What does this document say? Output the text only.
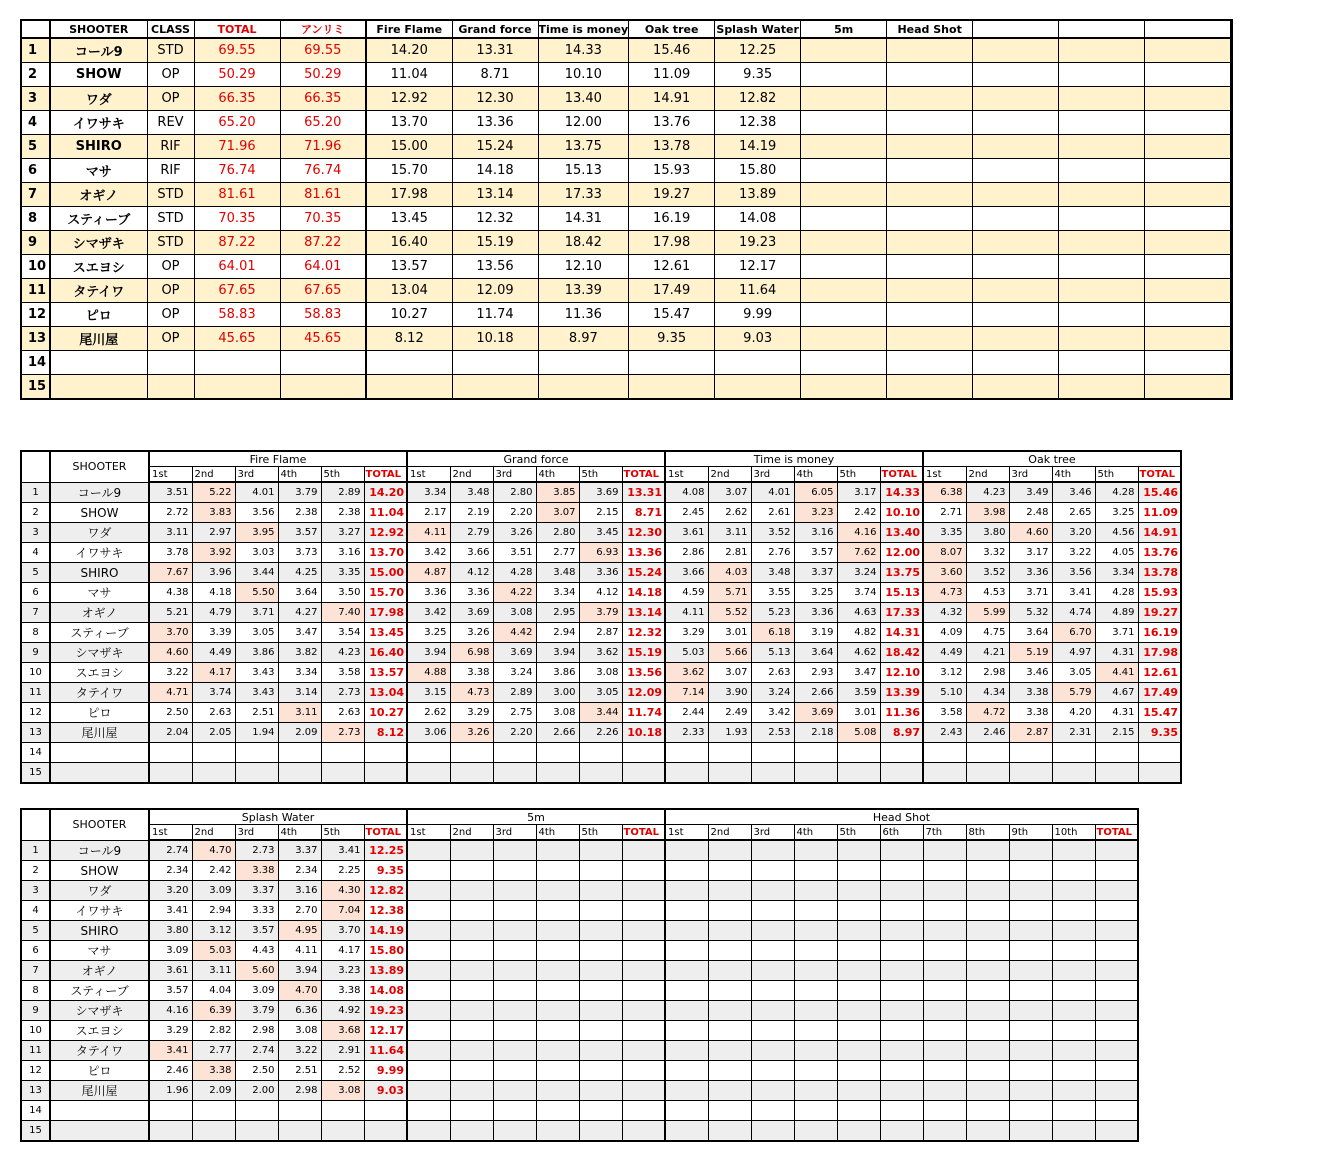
	SHOOTER	CLASS	TOTAL	アンリミ	Fire Flame	Grand force	Time is money	Oak tree	Splash Water	5m	Head Shot				
1	コール9	STD	69.55	69.55	14.20	13.31	14.33	15.46	12.25						
2	SHOW	OP	50.29	50.29	11.04	8.71	10.10	11.09	9.35						
3	ワダ	OP	66.35	66.35	12.92	12.30	13.40	14.91	12.82						
4	イワサキ	REV	65.20	65.20	13.70	13.36	12.00	13.76	12.38						
5	SHIRO	RIF	71.96	71.96	15.00	15.24	13.75	13.78	14.19						
6	マサ	RIF	76.74	76.74	15.70	14.18	15.13	15.93	15.80						
7	オギノ	STD	81.61	81.61	17.98	13.14	17.33	19.27	13.89						
8	スティーブ	STD	70.35	70.35	13.45	12.32	14.31	16.19	14.08						
9	シマザキ	STD	87.22	87.22	16.40	15.19	18.42	17.98	19.23						
10	スエヨシ	OP	64.01	64.01	13.57	13.56	12.10	12.61	12.17						
11	タテイワ	OP	67.65	67.65	13.04	12.09	13.39	17.49	11.64						
12	ピロ	OP	58.83	58.83	10.27	11.74	11.36	15.47	9.99						
13	尾川屋	OP	45.65	45.65	8.12	10.18	8.97	9.35	9.03						
14															
15															
	SHOOTER	Fire Flame						Grand force						Time is money						Oak tree					
		1st	2nd	3rd	4th	5th	TOTAL	1st	2nd	3rd	4th	5th	TOTAL	1st	2nd	3rd	4th	5th	TOTAL	1st	2nd	3rd	4th	5th	TOTAL
1	コール9	3.51	5.22	4.01	3.79	2.89	14.20	3.34	3.48	2.80	3.85	3.69	13.31	4.08	3.07	4.01	6.05	3.17	14.33	6.38	4.23	3.49	3.46	4.28	15.46
2	SHOW	2.72	3.83	3.56	2.38	2.38	11.04	2.17	2.19	2.20	3.07	2.15	8.71	2.45	2.62	2.61	3.23	2.42	10.10	2.71	3.98	2.48	2.65	3.25	11.09
3	ワダ	3.11	2.97	3.95	3.57	3.27	12.92	4.11	2.79	3.26	2.80	3.45	12.30	3.61	3.11	3.52	3.16	4.16	13.40	3.35	3.80	4.60	3.20	4.56	14.91
4	イワサキ	3.78	3.92	3.03	3.73	3.16	13.70	3.42	3.66	3.51	2.77	6.93	13.36	2.86	2.81	2.76	3.57	7.62	12.00	8.07	3.32	3.17	3.22	4.05	13.76
5	SHIRO	7.67	3.96	3.44	4.25	3.35	15.00	4.87	4.12	4.28	3.48	3.36	15.24	3.66	4.03	3.48	3.37	3.24	13.75	3.60	3.52	3.36	3.56	3.34	13.78
6	マサ	4.38	4.18	5.50	3.64	3.50	15.70	3.36	3.36	4.22	3.34	4.12	14.18	4.59	5.71	3.55	3.25	3.74	15.13	4.73	4.53	3.71	3.41	4.28	15.93
7	オギノ	5.21	4.79	3.71	4.27	7.40	17.98	3.42	3.69	3.08	2.95	3.79	13.14	4.11	5.52	5.23	3.36	4.63	17.33	4.32	5.99	5.32	4.74	4.89	19.27
8	スティーブ	3.70	3.39	3.05	3.47	3.54	13.45	3.25	3.26	4.42	2.94	2.87	12.32	3.29	3.01	6.18	3.19	4.82	14.31	4.09	4.75	3.64	6.70	3.71	16.19
9	シマザキ	4.60	4.49	3.86	3.82	4.23	16.40	3.94	6.98	3.69	3.94	3.62	15.19	5.03	5.66	5.13	3.64	4.62	18.42	4.49	4.21	5.19	4.97	4.31	17.98
10	スエヨシ	3.22	4.17	3.43	3.34	3.58	13.57	4.88	3.38	3.24	3.86	3.08	13.56	3.62	3.07	2.63	2.93	3.47	12.10	3.12	2.98	3.46	3.05	4.41	12.61
11	タテイワ	4.71	3.74	3.43	3.14	2.73	13.04	3.15	4.73	2.89	3.00	3.05	12.09	7.14	3.90	3.24	2.66	3.59	13.39	5.10	4.34	3.38	5.79	4.67	17.49
12	ピロ	2.50	2.63	2.51	3.11	2.63	10.27	2.62	3.29	2.75	3.08	3.44	11.74	2.44	2.49	3.42	3.69	3.01	11.36	3.58	4.72	3.38	4.20	4.31	15.47
13	尾川屋	2.04	2.05	1.94	2.09	2.73	8.12	3.06	3.26	2.20	2.66	2.26	10.18	2.33	1.93	2.53	2.18	5.08	8.97	2.43	2.46	2.87	2.31	2.15	9.35
14																									
15																									
	SHOOTER	Splash Water						5m						Head Shot										
		1st	2nd	3rd	4th	5th	TOTAL	1st	2nd	3rd	4th	5th	TOTAL	1st	2nd	3rd	4th	5th	6th	7th	8th	9th	10th	TOTAL
1	コール9	2.74	4.70	2.73	3.37	3.41	12.25																	
2	SHOW	2.34	2.42	3.38	2.34	2.25	9.35																	
3	ワダ	3.20	3.09	3.37	3.16	4.30	12.82																	
4	イワサキ	3.41	2.94	3.33	2.70	7.04	12.38																	
5	SHIRO	3.80	3.12	3.57	4.95	3.70	14.19																	
6	マサ	3.09	5.03	4.43	4.11	4.17	15.80																	
7	オギノ	3.61	3.11	5.60	3.94	3.23	13.89																	
8	スティーブ	3.57	4.04	3.09	4.70	3.38	14.08																	
9	シマザキ	4.16	6.39	3.79	6.36	4.92	19.23																	
10	スエヨシ	3.29	2.82	2.98	3.08	3.68	12.17																	
11	タテイワ	3.41	2.77	2.74	3.22	2.91	11.64																	
12	ピロ	2.46	3.38	2.50	2.51	2.52	9.99																	
13	尾川屋	1.96	2.09	2.00	2.98	3.08	9.03																	
14																								
15																								
